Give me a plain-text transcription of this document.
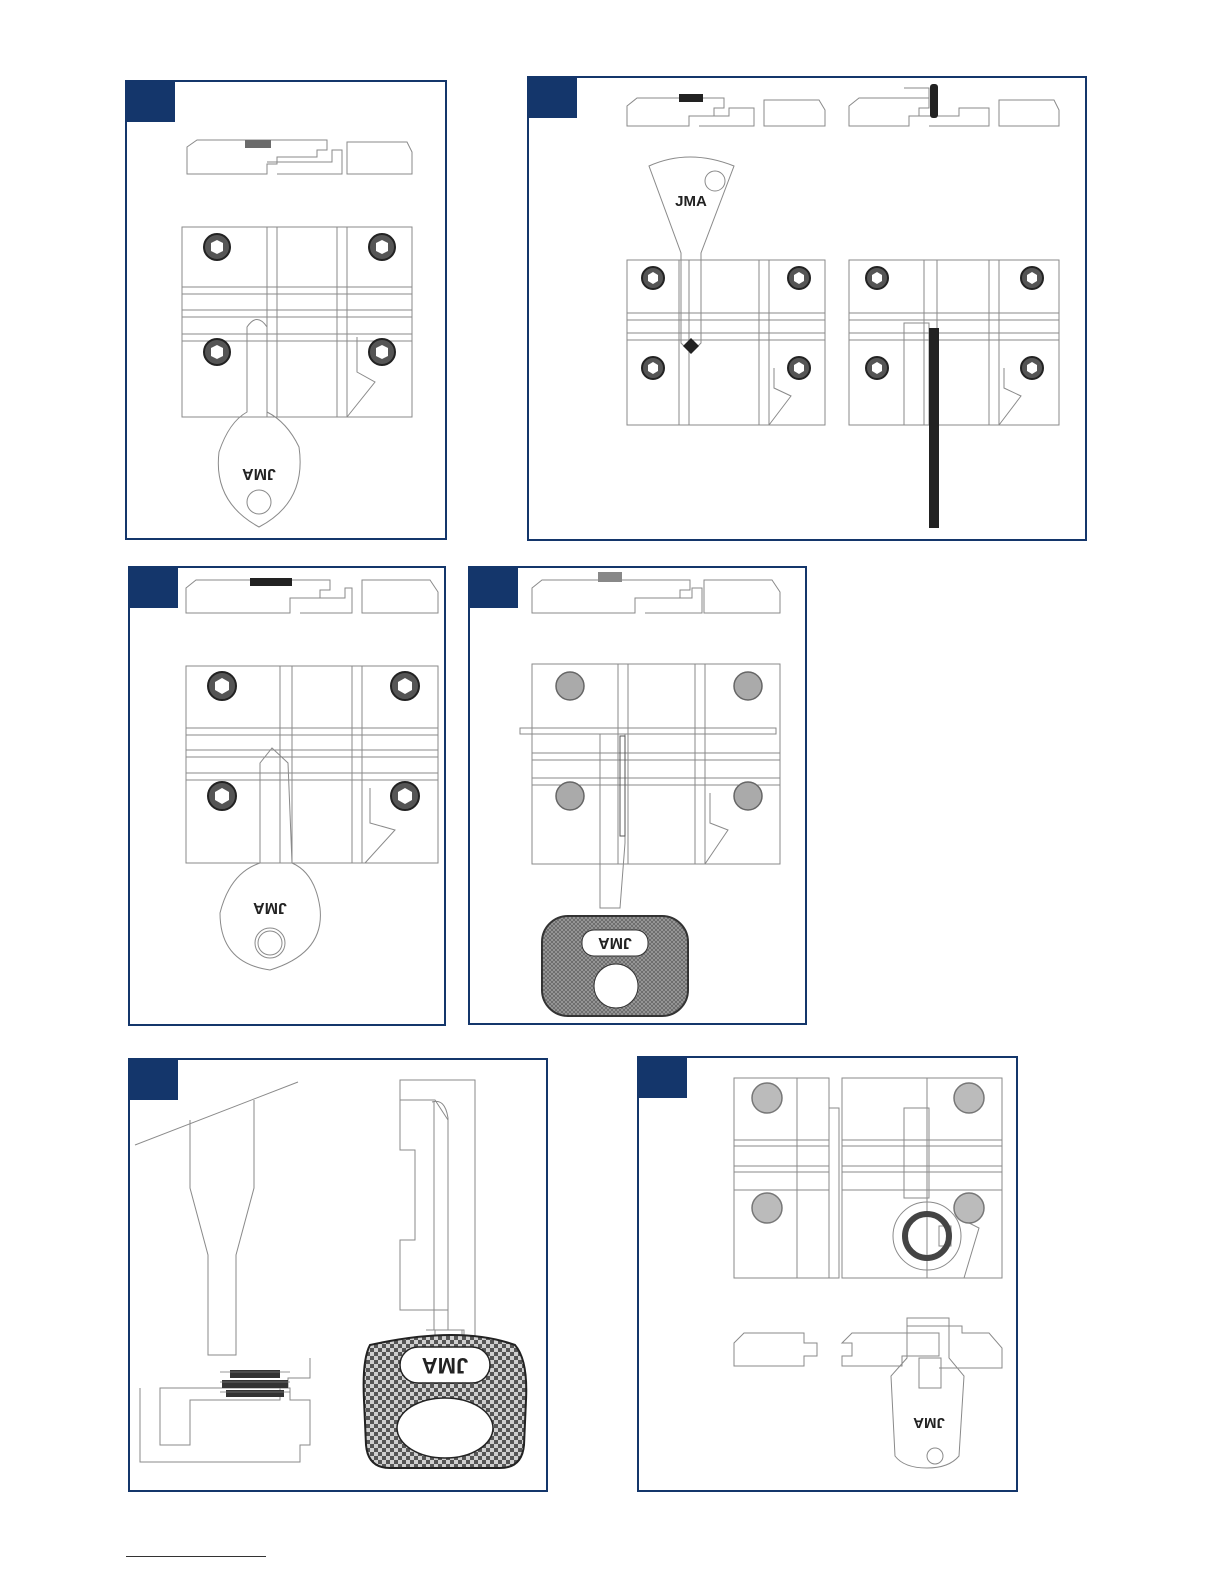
JMA
JMA
JMA
JMA
JMA
JMA
